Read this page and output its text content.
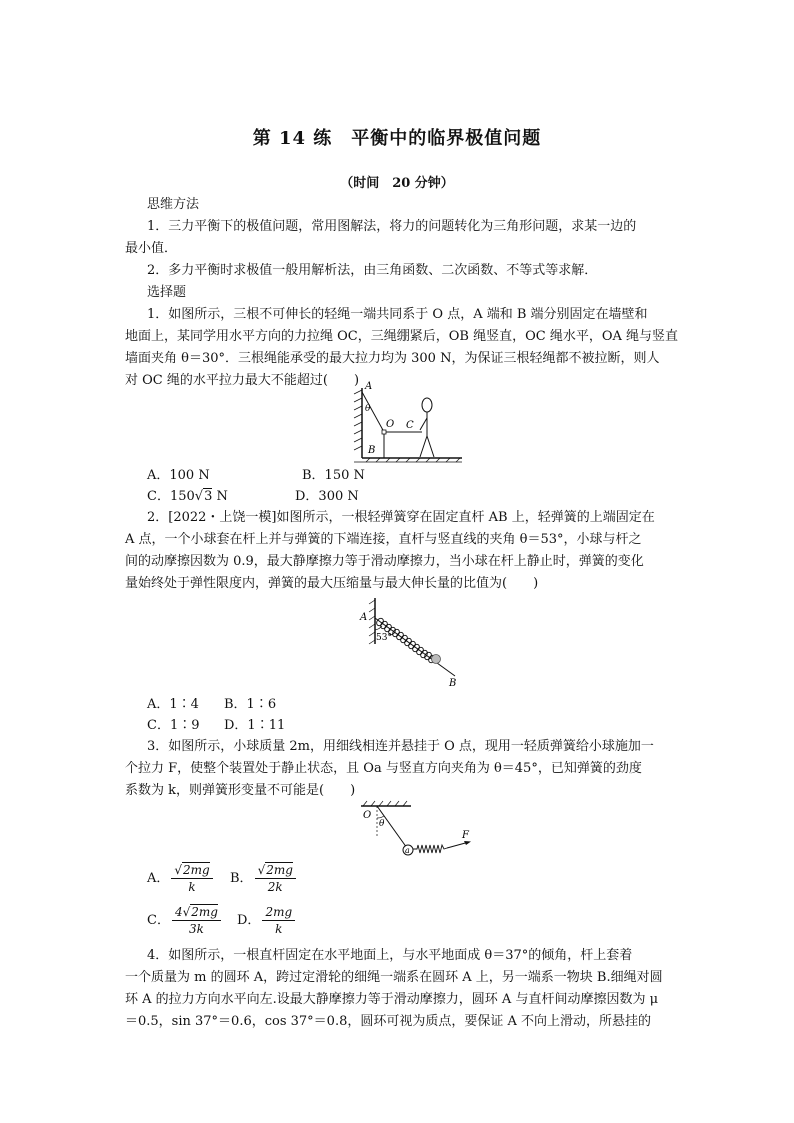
第 14 练　平衡中的临界极值问题
（时间　20 分钟）
思维方法
1．三力平衡下的极值问题，常用图解法，将力的问题转化为三角形问题，求某一边的
最小值．
2．多力平衡时求极值一般用解析法，由三角函数、二次函数、不等式等求解．
选择题
1．如图所示，三根不可伸长的轻绳一端共同系于 O 点，A 端和 B 端分别固定在墙壁和
地面上，某同学用水平方向的力拉绳 OC，三绳绷紧后，OB 绳竖直，OC 绳水平，OA 绳与竖直
墙面夹角 θ＝30°．三根绳能承受的最大拉力均为 300 N，为保证三根轻绳都不被拉断，则人
对 OC 绳的水平拉力最大不能超过(　　) A
θ
O C
B
A．100 N	B．150 N
C．150√3 N	D．300 N
2．[2022・上饶一模]如图所示，一根轻弹簧穿在固定直杆 AB 上，轻弹簧的上端固定在
A 点，一个小球套在杆上并与弹簧的下端连接，直杆与竖直线的夹角 θ＝53°，小球与杆之
间的动摩擦因数为 0.9，最大静摩擦力等于滑动摩擦力，当小球在杆上静止时，弹簧的变化
量始终处于弹性限度内，弹簧的最大压缩量与最大伸长量的比值为(　　)
A
53°
B
A．1∶4 B．1∶6
C．1∶9 D．1∶11
3．如图所示，小球质量 2m，用细线相连并悬挂于 O 点，现用一轻质弹簧给小球施加一
个拉力 F，使整个装置处于静止状态，且 Oa 与竖直方向夹角为 θ＝45°，已知弹簧的劲度
系数为 k，则弹簧形变量不可能是(　　)
O
θ
a
F
A． $\frac{√2mg}{k}$ B． $\frac{√2mg}{2k}$
C． $\frac{4√2mg}{3k}$ D． $\frac{2mg}{k}$
4．如图所示，一根直杆固定在水平地面上，与水平地面成 θ＝37°的倾角，杆上套着
一个质量为 m 的圆环 A，跨过定滑轮的细绳一端系在圆环 A 上，另一端系一物块 B.细绳对圆
环 A 的拉力方向水平向左.设最大静摩擦力等于滑动摩擦力，圆环 A 与直杆间动摩擦因数为 μ
＝0.5，sin 37°＝0.6，cos 37°＝0.8，圆环可视为质点，要保证 A 不向上滑动，所悬挂的
